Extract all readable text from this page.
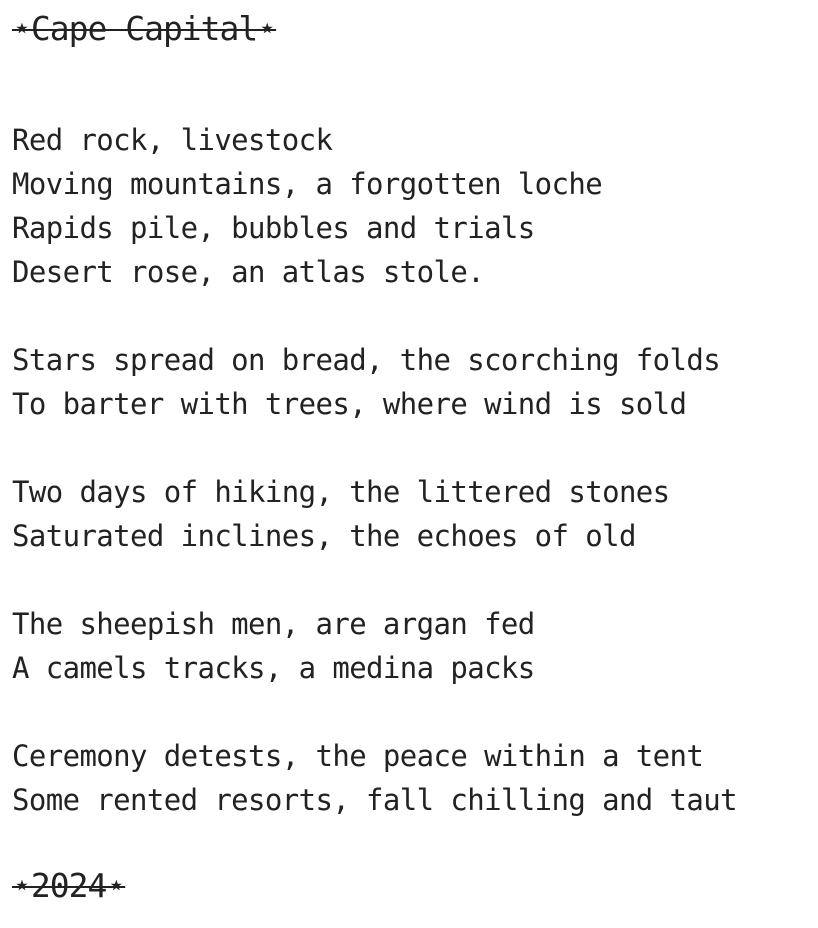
⋆Cape Capital⋆
Red rock, livestock
Moving mountains, a forgotten loche
Rapids pile, bubbles and trials
Desert rose, an atlas stole.
Stars spread on bread, the scorching folds
To barter with trees, where wind is sold
Two days of hiking, the littered stones
Saturated inclines, the echoes of old
The sheepish men, are argan fed
A camels tracks, a medina packs
Ceremony detests, the peace within a tent
Some rented resorts, fall chilling and taut
⋆2024⋆
